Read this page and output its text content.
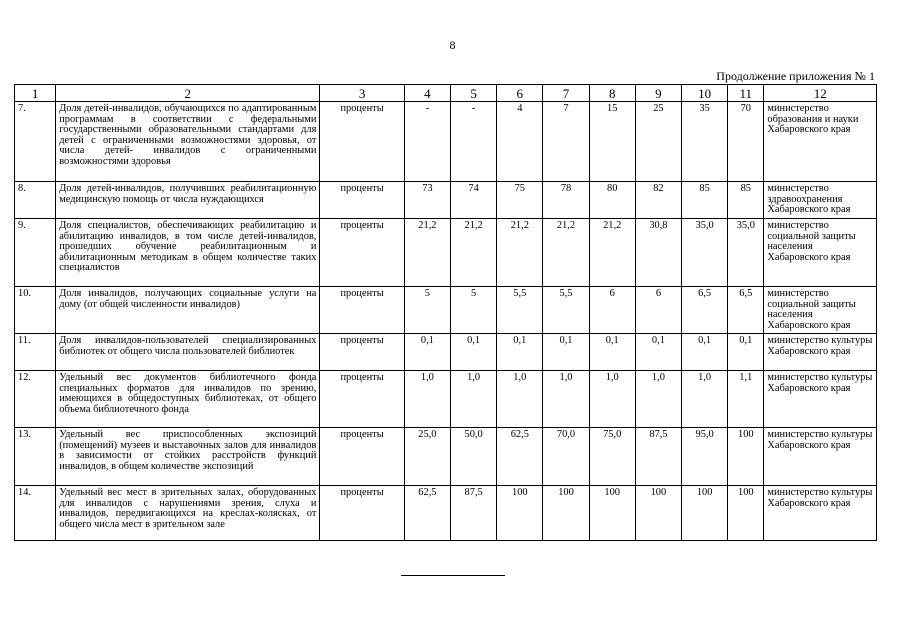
8
Продолжение приложения № 1
1	2	3	4	5	6	7	8	9	10	11	12
7.	Доля детей-инвалидов, обучающихся по адаптированным программам в соответствии с федеральными государственными образовательными стандартами для детей с ограниченными возможностями здоровья, от числа детей- инвалидов с ограниченными возможностями здоровья	проценты	-	-	4	7	15	25	35	70	министерство образования и науки Хабаровского края
8.	Доля детей-инвалидов, получивших реабилитационную медицинскую помощь от числа нуждающихся	проценты	73	74	75	78	80	82	85	85	министерство здравоохранения Хабаровского края
9.	Доля специалистов, обеспечивающих реабилитацию и абилитацию инвалидов, в том числе детей-инвалидов, прошедших обучение реабилитационным и абилитационным методикам в общем количестве таких специалистов	проценты	21,2	21,2	21,2	21,2	21,2	30,8	35,0	35,0	министерство социальной защиты населения Хабаровского края
10.	Доля инвалидов, получающих социальные услуги на дому (от общей численности инвалидов)	проценты	5	5	5,5	5,5	6	6	6,5	6,5	министерство социальной защиты населения Хабаровского края
11.	Доля инвалидов-пользователей специализированных библиотек от общего числа пользователей библиотек	проценты	0,1	0,1	0,1	0,1	0,1	0,1	0,1	0,1	министерство культуры Хабаровского края
12.	Удельный вес документов библиотечного фонда специальных форматов для инвалидов по зрению, имеющихся в общедоступных библиотеках, от общего объема библиотечного фонда	проценты	1,0	1,0	1,0	1,0	1,0	1,0	1,0	1,1	министерство культуры Хабаровского края
13.	Удельный вес приспособленных экспозиций (помещений) музеев и выставочных залов для инвалидов в зависимости от стойких расстройств функций инвалидов, в общем количестве экспозиций	проценты	25,0	50,0	62,5	70,0	75,0	87,5	95,0	100	министерство культуры Хабаровского края
14.	Удельный вес мест в зрительных залах, оборудованных для инвалидов с нарушениями зрения, слуха и инвалидов, передвигающихся на креслах-колясках, от общего числа мест в зрительном зале	проценты	62,5	87,5	100	100	100	100	100	100	министерство культуры Хабаровского края
